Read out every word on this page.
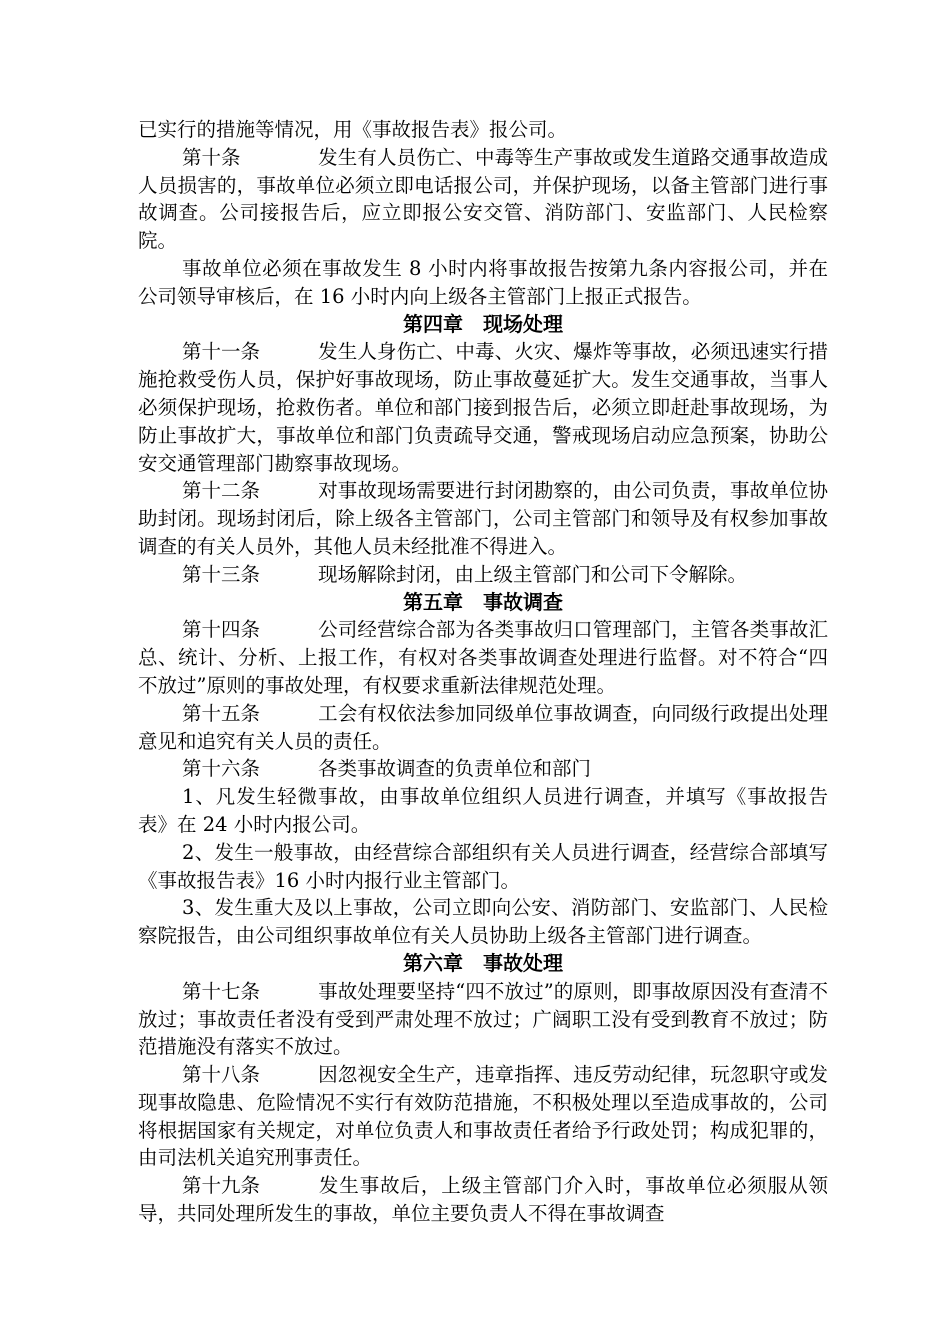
已实行的措施等情况，用《事故报告表》报公司。

第十条	发生有人员伤亡、中毒等生产事故或发生道路交通事故造成人员损害的，事故单位必须立即电话报公司，并保护现场，以备主管部门进行事故调查。公司接报告后，应立即报公安交管、消防部门、安监部门、人民检察院。

事故单位必须在事故发生 8 小时内将事故报告按第九条内容报公司，并在公司领导审核后，在 16 小时内向上级各主管部门上报正式报告。

第四章　现场处理

第十一条	发生人身伤亡、中毒、火灾、爆炸等事故，必须迅速实行措施抢救受伤人员，保护好事故现场，防止事故蔓延扩大。发生交通事故，当事人必须保护现场，抢救伤者。单位和部门接到报告后，必须立即赶赴事故现场，为防止事故扩大，事故单位和部门负责疏导交通，警戒现场启动应急预案，协助公安交通管理部门勘察事故现场。

第十二条	对事故现场需要进行封闭勘察的，由公司负责，事故单位协助封闭。现场封闭后，除上级各主管部门，公司主管部门和领导及有权参加事故调查的有关人员外，其他人员未经批准不得进入。

第十三条	现场解除封闭，由上级主管部门和公司下令解除。

第五章　事故调查

第十四条	公司经营综合部为各类事故归口管理部门，主管各类事故汇总、统计、分析、上报工作，有权对各类事故调查处理进行监督。对不符合“四不放过”原则的事故处理，有权要求重新法律规范处理。

第十五条	工会有权依法参加同级单位事故调查，向同级行政提出处理意见和追究有关人员的责任。

第十六条	各类事故调查的负责单位和部门

1、凡发生轻微事故，由事故单位组织人员进行调查，并填写《事故报告表》在 24 小时内报公司。

2、发生一般事故，由经营综合部组织有关人员进行调查，经营综合部填写《事故报告表》16 小时内报行业主管部门。

3、发生重大及以上事故，公司立即向公安、消防部门、安监部门、人民检察院报告，由公司组织事故单位有关人员协助上级各主管部门进行调查。

第六章　事故处理

第十七条	事故处理要坚持“四不放过”的原则，即事故原因没有查清不放过；事故责任者没有受到严肃处理不放过；广阔职工没有受到教育不放过；防范措施没有落实不放过。

第十八条	因忽视安全生产，违章指挥、违反劳动纪律，玩忽职守或发现事故隐患、危险情况不实行有效防范措施，不积极处理以至造成事故的，公司将根据国家有关规定，对单位负责人和事故责任者给予行政处罚；构成犯罪的，由司法机关追究刑事责任。

第十九条	发生事故后，上级主管部门介入时，事故单位必须服从领导，共同处理所发生的事故，单位主要负责人不得在事故调查
